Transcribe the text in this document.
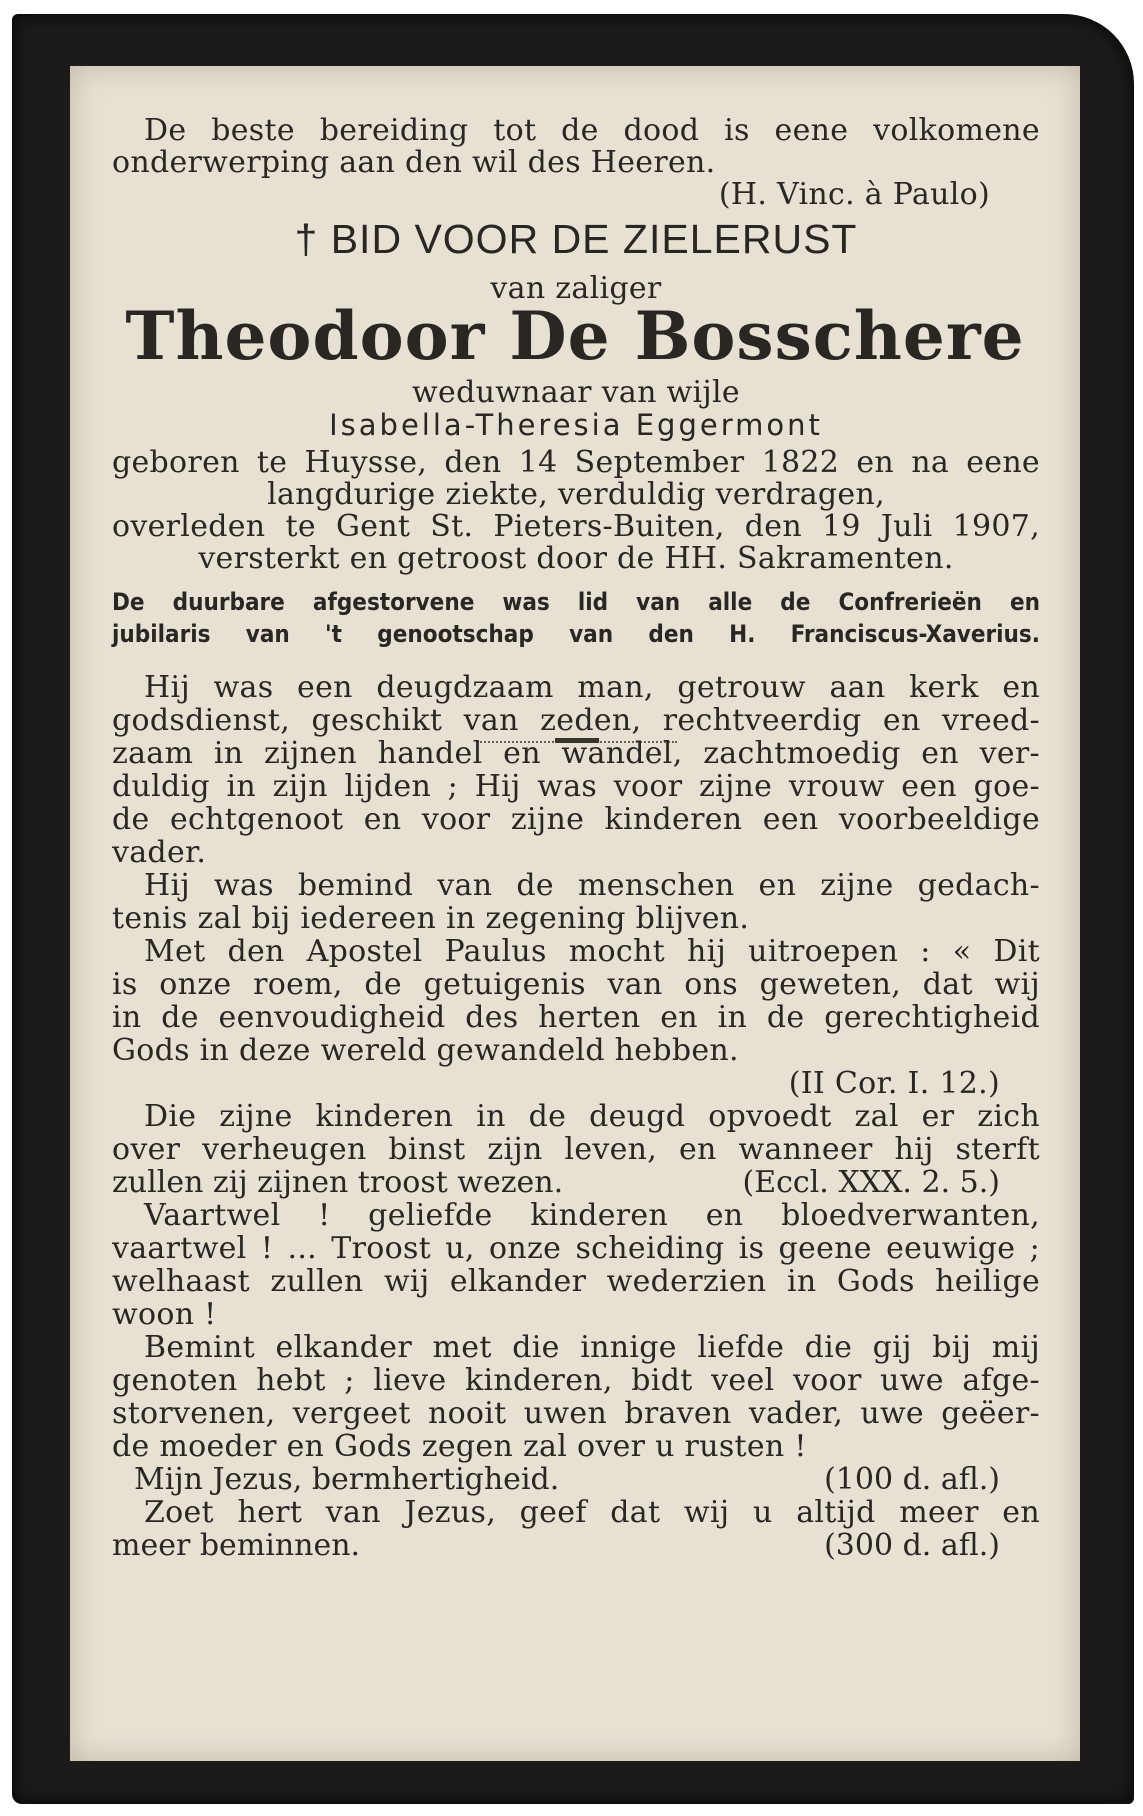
De beste bereiding tot de dood is eene volkomene
onderwerping aan den wil des Heeren.
(H. Vinc. à Paulo)
† BID VOOR DE ZIELERUST
van zaliger
Theodoor De Bosschere
weduwnaar van wijle
Isabella-Theresia Eggermont
geboren te Huysse, den 14 September 1822 en na eene
langdurige ziekte, verduldig verdragen,
overleden te Gent St. Pieters-Buiten, den 19 Juli 1907,
versterkt en getroost door de HH. Sakramenten.
De duurbare afgestorvene was lid van alle de Confrerieën en
jubilaris van 't genootschap van den H. Franciscus-Xaverius.
Hij was een deugdzaam man, getrouw aan kerk en
godsdienst, geschikt van zeden, rechtveerdig en vreed-
zaam in zijnen handel en wandel, zachtmoedig en ver-
duldig in zijn lijden ; Hij was voor zijne vrouw een goe-
de echtgenoot en voor zijne kinderen een voorbeeldige
vader.
Hij was bemind van de menschen en zijne gedach-
tenis zal bij iedereen in zegening blijven.
Met den Apostel Paulus mocht hij uitroepen : « Dit
is onze roem, de getuigenis van ons geweten, dat wij
in de eenvoudigheid des herten en in de gerechtigheid
Gods in deze wereld gewandeld hebben.
(II Cor. I. 12.)
Die zijne kinderen in de deugd opvoedt zal er zich
over verheugen binst zijn leven, en wanneer hij sterft
zullen zij zijnen troost wezen.	(Eccl. XXX. 2. 5.)
Vaartwel ! geliefde kinderen en bloedverwanten,
vaartwel ! ... Troost u, onze scheiding is geene eeuwige ;
welhaast zullen wij elkander wederzien in Gods heilige
woon !
Bemint elkander met die innige liefde die gij bij mij
genoten hebt ; lieve kinderen, bidt veel voor uwe afge-
storvenen, vergeet nooit uwen braven vader, uwe geëer-
de moeder en Gods zegen zal over u rusten !
Mijn Jezus, bermhertigheid.	(100 d. afl.)
Zoet hert van Jezus, geef dat wij u altijd meer en
meer beminnen.	(300 d. afl.)
